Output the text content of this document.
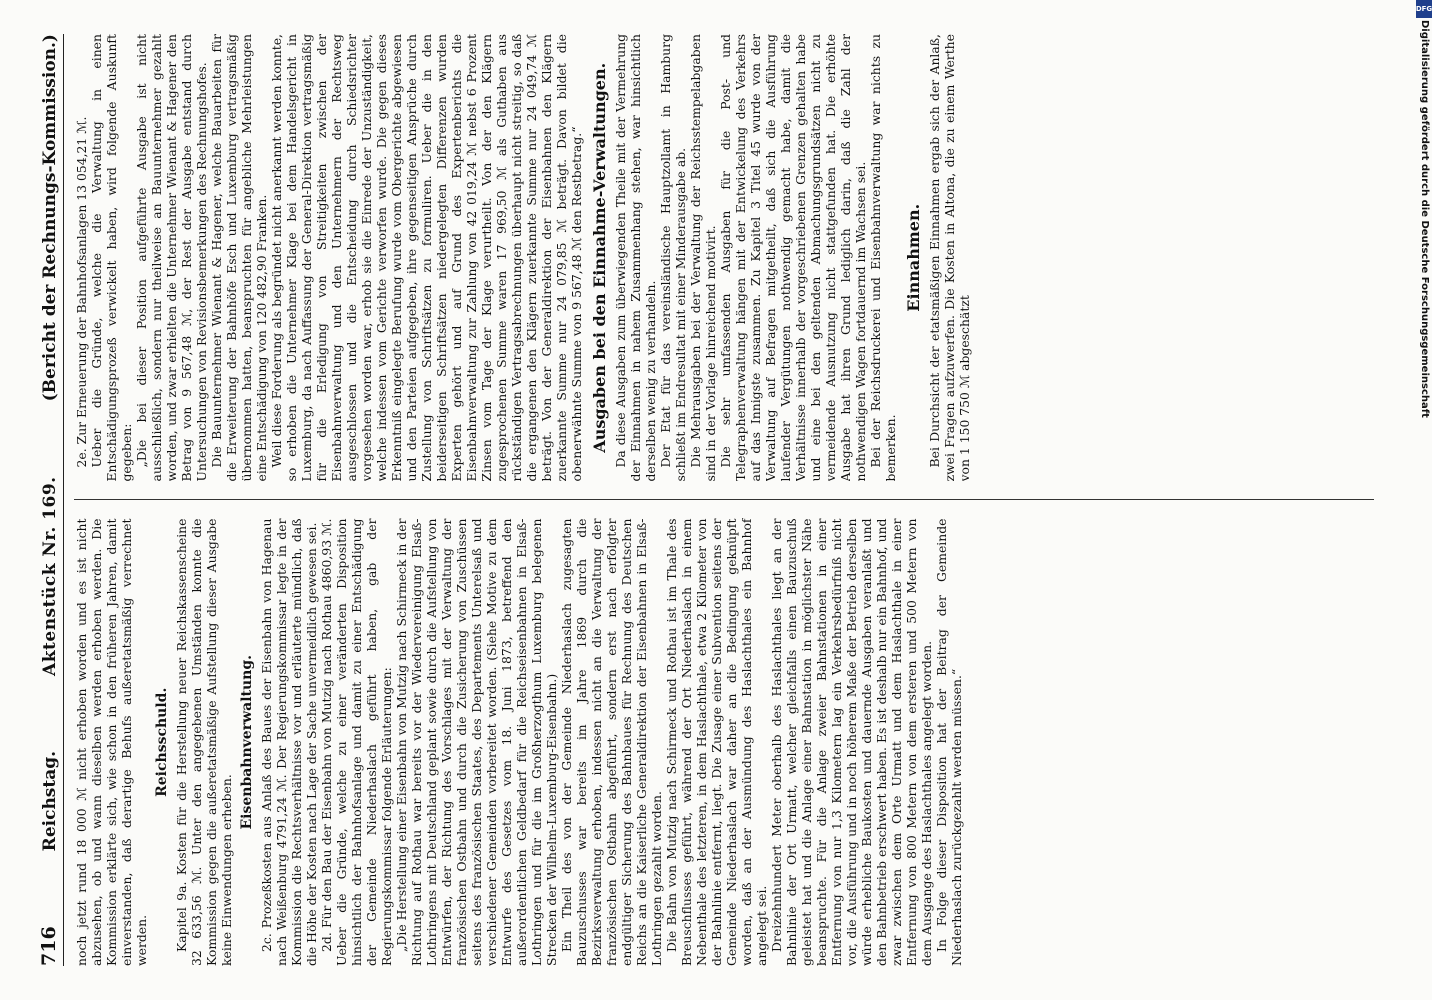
716
Reichstag.
Aktenstück Nr. 169.
(Bericht der Rechnungs-Kommission.)

noch jetzt rund 18 000 ℳ nicht erhoben worden und es ist nicht abzusehen, ob und wann dieselben werden erhoben werden. Die Kommission erklärte sich, wie schon in den früheren Jahren, damit einverstanden, daß derartige Behufs außeretatsmäßig verrechnet werden.

Reichsschuld. Kapitel 9a. Kosten für die Herstellung neuer Reichskassenscheine 32 633,56 ℳ. Unter den angegebenen Umständen konnte die Kommission gegen die außeretatsmäßige Aufstellung dieser Ausgabe keine Einwendungen erheben.

Eisenbahnverwaltung. 2c. Prozeßkosten aus Anlaß des Baues der Eisenbahn von Hagenau nach Weißenburg 4791,24 ℳ. Der Regierungskommissar legte in der Kommission die Rechtsverhältnisse vor und erläuterte mündlich, daß die Höhe der Kosten nach Lage der Sache unvermeidlich gewesen sei. 2d. Für den Bau der Eisenbahn von Mutzig nach Rothau 4860,93 ℳ. Ueber die Gründe, welche zu einer veränderten Disposition hinsichtlich der Bahnhofsanlage und damit zu einer Entschädigung der Gemeinde Niederhaslach geführt haben, gab der Regierungskommissar folgende Erläuterungen: „Die Herstellung einer Eisenbahn von Mutzig nach Schirmeck in der Richtung auf Rothau war bereits vor der Wiedervereinigung Elsaß-Lothringens mit Deutschland geplant sowie durch die Aufstellung von Entwürfen, der Richtung des Vorschlages mit der Verwaltung der französischen Ostbahn und durch die Zusicherung von Zuschüssen seitens des französischen Staates, des Departements Unterelsaß und verschiedener Gemeinden vorbereitet worden. (Siehe Motive zu dem Entwurfe des Gesetzes vom 18. Juni 1873, betreffend den außerordentlichen Geldbedarf für die Reichseisenbahnen in Elsaß-Lothringen und für die im Großherzogthum Luxemburg belegenen Strecken der Wilhelm-Luxemburg-Eisenbahn.) Ein Theil des von der Gemeinde Niederhaslach zugesagten Bauzuschusses war bereits im Jahre 1869 durch die Bezirksverwaltung erhoben, indessen nicht an die Verwaltung der französischen Ostbahn abgeführt, sondern erst nach erfolgter endgültiger Sicherung des Bahnbaues für Rechnung des Deutschen Reichs an die Kaiserliche Generaldirektion der Eisenbahnen in Elsaß-Lothringen gezahlt worden. Die Bahn von Mutzig nach Schirmeck und Rothau ist im Thale des Breuschflusses geführt, während der Ort Niederhaslach in einem Nebenthale des letzteren, in dem Haslachthale, etwa 2 Kilometer von der Bahnlinie entfernt, liegt. Die Zusage einer Subvention seitens der Gemeinde Niederhaslach war daher an die Bedingung geknüpft worden, daß an der Ausmündung des Haslachthales ein Bahnhof angelegt sei. Dreizehnhundert Meter oberhalb des Haslachthales liegt an der Bahnlinie der Ort Urmatt, welcher gleichfalls einen Bauzuschuß geleistet hat und die Anlage einer Bahnstation in möglichster Nähe beanspruchte. Für die Anlage zweier Bahnstationen in einer Entfernung von nur 1,3 Kilometern lag ein Verkehrsbedürfniß nicht vor, die Ausführung und in noch höherem Maße der Betrieb derselben würde erhebliche Baukosten und dauernde Ausgaben veranlaßt und den Bahnbetrieb erschwert haben. Es ist deshalb nur ein Bahnhof, und zwar zwischen dem Orte Urmatt und dem Haslachthale in einer Entfernung von 800 Metern von dem ersteren und 500 Metern von dem Ausgange des Haslachthales angelegt worden. In Folge dieser Disposition hat der Beitrag der Gemeinde Niederhaslach zurückgezahlt werden müssen.“

2e. Zur Erneuerung der Bahnhofsanlagen 13 054,21 ℳ. Ueber die Gründe, welche die Verwaltung in einen Entschädigungsprozeß verwickelt haben, wird folgende Auskunft gegeben: „Die bei dieser Position aufgeführte Ausgabe ist nicht ausschließlich, sondern nur theilweise an Bauunternehmer gezahlt worden, und zwar erhielten die Unternehmer Wienant & Hagener den Betrag von 9 567,48 ℳ, der Rest der Ausgabe entstand durch Untersuchungen von Revisionsbemerkungen des Rechnungshofes. Die Bauunternehmer Wienant & Hagener, welche Bauarbeiten für die Erweiterung der Bahnhöfe Esch und Luxemburg vertragsmäßig übernommen hatten, beanspruchten für angebliche Mehrleistungen eine Entschädigung von 120 482,90 Franken. Weil diese Forderung als begründet nicht anerkannt werden konnte, so erhoben die Unternehmer Klage bei dem Handelsgericht in Luxemburg, da nach Auffassung der General-Direktion vertragsmäßig für die Erledigung von Streitigkeiten zwischen der Eisenbahnverwaltung und den Unternehmern der Rechtsweg ausgeschlossen und die Entscheidung durch Schiedsrichter vorgesehen worden war, erhob sie die Einrede der Unzuständigkeit, welche indessen vom Gerichte verworfen wurde. Die gegen dieses Erkenntniß eingelegte Berufung wurde vom Obergerichte abgewiesen und den Parteien aufgegeben, ihre gegenseitigen Ansprüche durch Zustellung von Schriftsätzen zu formuliren. Ueber die in den beiderseitigen Schriftsätzen niedergelegten Differenzen wurden Experten gehört und auf Grund des Expertenberichts die Eisenbahnverwaltung zur Zahlung von 42 019,24 ℳ nebst 6 Prozent Zinsen vom Tage der Klage verurtheilt. Von der den Klägern zugesprochenen Summe waren 17 969,50 ℳ als Guthaben aus rückständigen Vertragsabrechnungen überhaupt nicht streitig, so daß die ergangenen den Klägern zuerkannte Summe nur 24 049,74 ℳ beträgt. Von der Generaldirektion der Eisenbahnen den Klägern zuerkannte Summe nur 24 079,85 ℳ beträgt. Davon bildet die obenerwähnte Summe von 9 567,48 ℳ den Restbetrag.“ Ausgaben bei den Einnahme-Verwaltungen. Da diese Ausgaben zum überwiegenden Theile mit der Vermehrung der Einnahmen in nahem Zusammenhang stehen, war hinsichtlich derselben wenig zu verhandeln. Der Etat für das vereinsländische Hauptzollamt in Hamburg schließt im Endresultat mit einer Minderausgabe ab. Die Mehrausgaben bei der Verwaltung der Reichsstempelabgaben sind in der Vorlage hinreichend motivirt. Die sehr umfassenden Ausgaben für die Post- und Telegraphenverwaltung hängen mit der Entwickelung des Verkehrs auf das Innigste zusammen. Zu Kapitel 3 Titel 45 wurde von der Verwaltung auf Befragen mitgetheilt, daß sich die Ausführung laufender Vergütungen nothwendig gemacht habe, damit die Verhältnisse innerhalb der vorgeschriebenen Grenzen gehalten habe und eine bei den geltenden Abmachungsgrundsätzen nicht zu vermeidende Ausnutzung nicht stattgefunden hat. Die erhöhte Ausgabe hat ihren Grund lediglich darin, daß die Zahl der nothwendigen Wagen fortdauernd im Wachsen sei. Bei der Reichsdruckerei und Eisenbahnverwaltung war nichts zu bemerken.

Einnahmen. Bei Durchsicht der etatsmäßigen Einnahmen ergab sich der Anlaß, zwei Fragen aufzuwerfen. Die Kosten in Altona, die zu einem Werthe von 1 150 750 ℳ abgeschätzt

DFG
Digitalisierung gefördert durch die Deutsche Forschungsgemeinschaft
